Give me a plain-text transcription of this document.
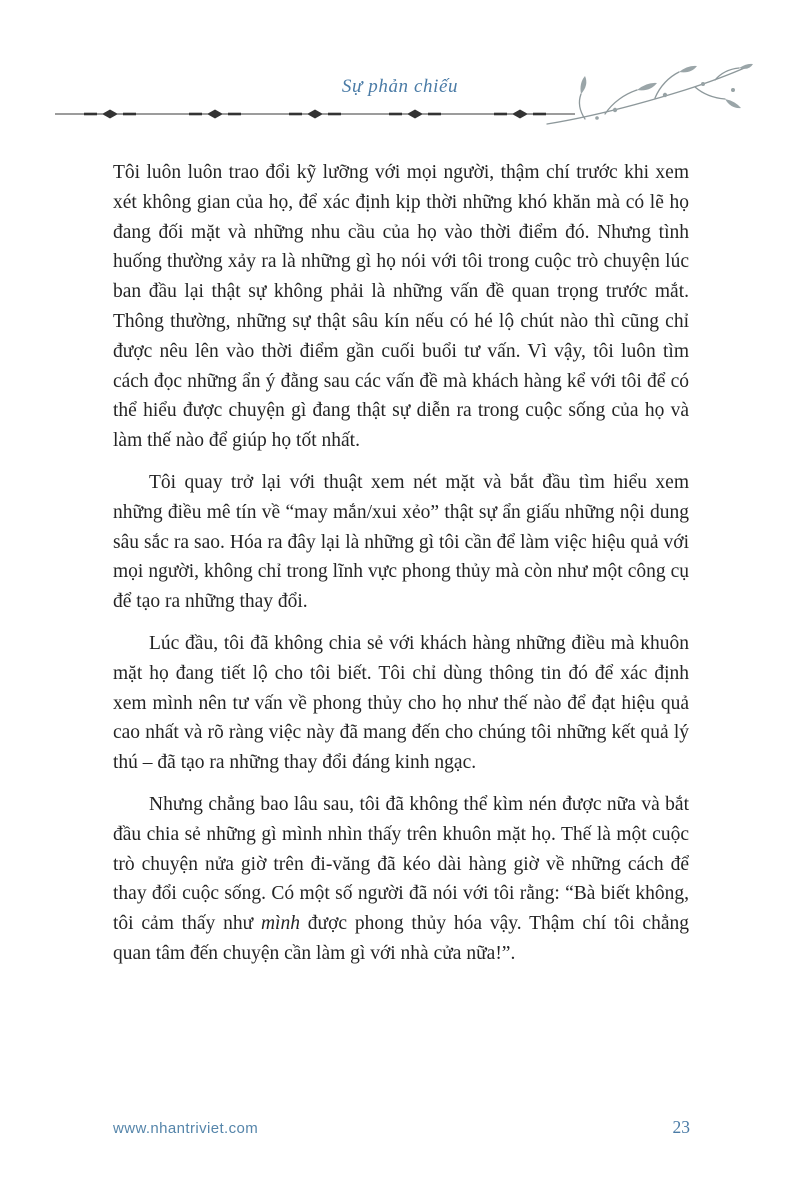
Sự phản chiếu

Tôi luôn luôn trao đổi kỹ lưỡng với mọi người, thậm chí trước khi xem xét không gian của họ, để xác định kịp thời những khó khăn mà có lẽ họ đang đối mặt và những nhu cầu của họ vào thời điểm đó. Nhưng tình huống thường xảy ra là những gì họ nói với tôi trong cuộc trò chuyện lúc ban đầu lại thật sự không phải là những vấn đề quan trọng trước mắt. Thông thường, những sự thật sâu kín nếu có hé lộ chút nào thì cũng chỉ được nêu lên vào thời điểm gần cuối buổi tư vấn. Vì vậy, tôi luôn tìm cách đọc những ẩn ý đằng sau các vấn đề mà khách hàng kể với tôi để có thể hiểu được chuyện gì đang thật sự diễn ra trong cuộc sống của họ và làm thế nào để giúp họ tốt nhất.

Tôi quay trở lại với thuật xem nét mặt và bắt đầu tìm hiểu xem những điều mê tín về “may mắn/xui xẻo” thật sự ẩn giấu những nội dung sâu sắc ra sao. Hóa ra đây lại là những gì tôi cần để làm việc hiệu quả với mọi người, không chỉ trong lĩnh vực phong thủy mà còn như một công cụ để tạo ra những thay đổi.

Lúc đầu, tôi đã không chia sẻ với khách hàng những điều mà khuôn mặt họ đang tiết lộ cho tôi biết. Tôi chỉ dùng thông tin đó để xác định xem mình nên tư vấn về phong thủy cho họ như thế nào để đạt hiệu quả cao nhất và rõ ràng việc này đã mang đến cho chúng tôi những kết quả lý thú – đã tạo ra những thay đổi đáng kinh ngạc.

Nhưng chẳng bao lâu sau, tôi đã không thể kìm nén được nữa và bắt đầu chia sẻ những gì mình nhìn thấy trên khuôn mặt họ. Thế là một cuộc trò chuyện nửa giờ trên đi-văng đã kéo dài hàng giờ về những cách để thay đổi cuộc sống. Có một số người đã nói với tôi rằng: “Bà biết không, tôi cảm thấy như mình được phong thủy hóa vậy. Thậm chí tôi chẳng quan tâm đến chuyện cần làm gì với nhà cửa nữa!”.

www.nhantriviet.com	23
